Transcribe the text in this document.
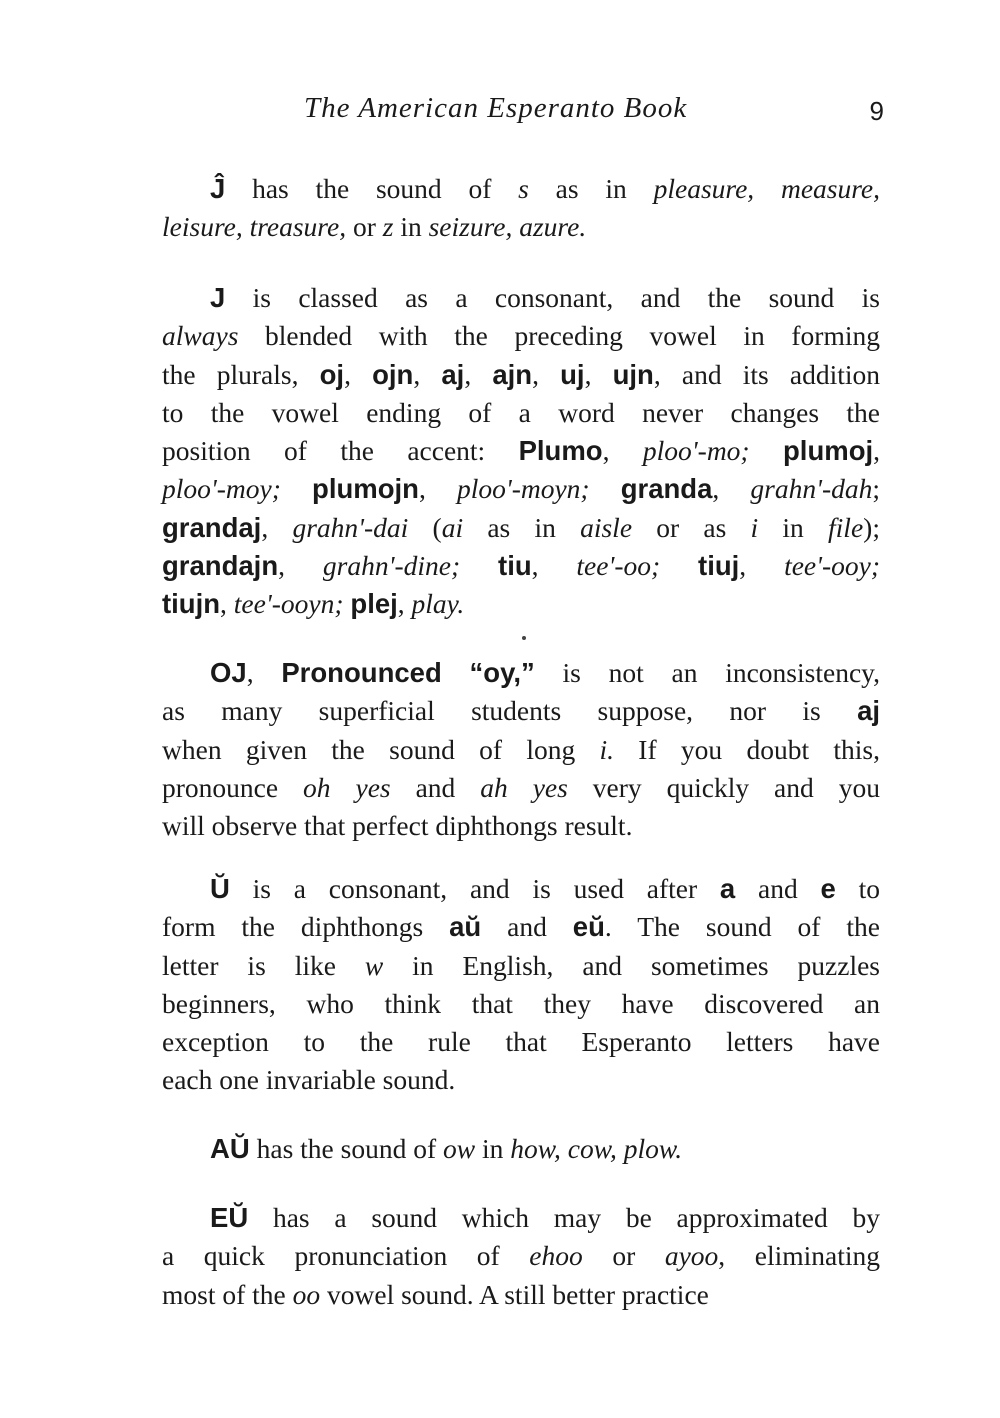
The American Esperanto Book	9

Ĵ has the sound of s as in pleasure, measure,
leisure, treasure, or z in seizure, azure.

J is classed as a consonant, and the sound is
always blended with the preceding vowel in forming
the plurals, oj, ojn, aj, ajn, uj, ujn, and its addition
to the vowel ending of a word never changes the
position of the accent: Plumo, ploo'-mo; plumoj,
ploo'-moy; plumojn, ploo'-moyn; granda, grahn'-dah;
grandaj, grahn'-dai (ai as in aisle or as i in file);
grandajn, grahn'-dine; tiu, tee'-oo; tiuj, tee'-ooy;
tiujn, tee'-ooyn; plej, play.

OJ, Pronounced “oy,” is not an inconsistency,
as many superficial students suppose, nor is aj
when given the sound of long i. If you doubt this,
pronounce oh yes and ah yes very quickly and you
will observe that perfect diphthongs result.

Ŭ is a consonant, and is used after a and e to
form the diphthongs aŭ and eŭ. The sound of the
letter is like w in English, and sometimes puzzles
beginners, who think that they have discovered an
exception to the rule that Esperanto letters have
each one invariable sound.

AŬ has the sound of ow in how, cow, plow.

EŬ has a sound which may be approximated by
a quick pronunciation of ehoo or ayoo, eliminating
most of the oo vowel sound. A still better practice
